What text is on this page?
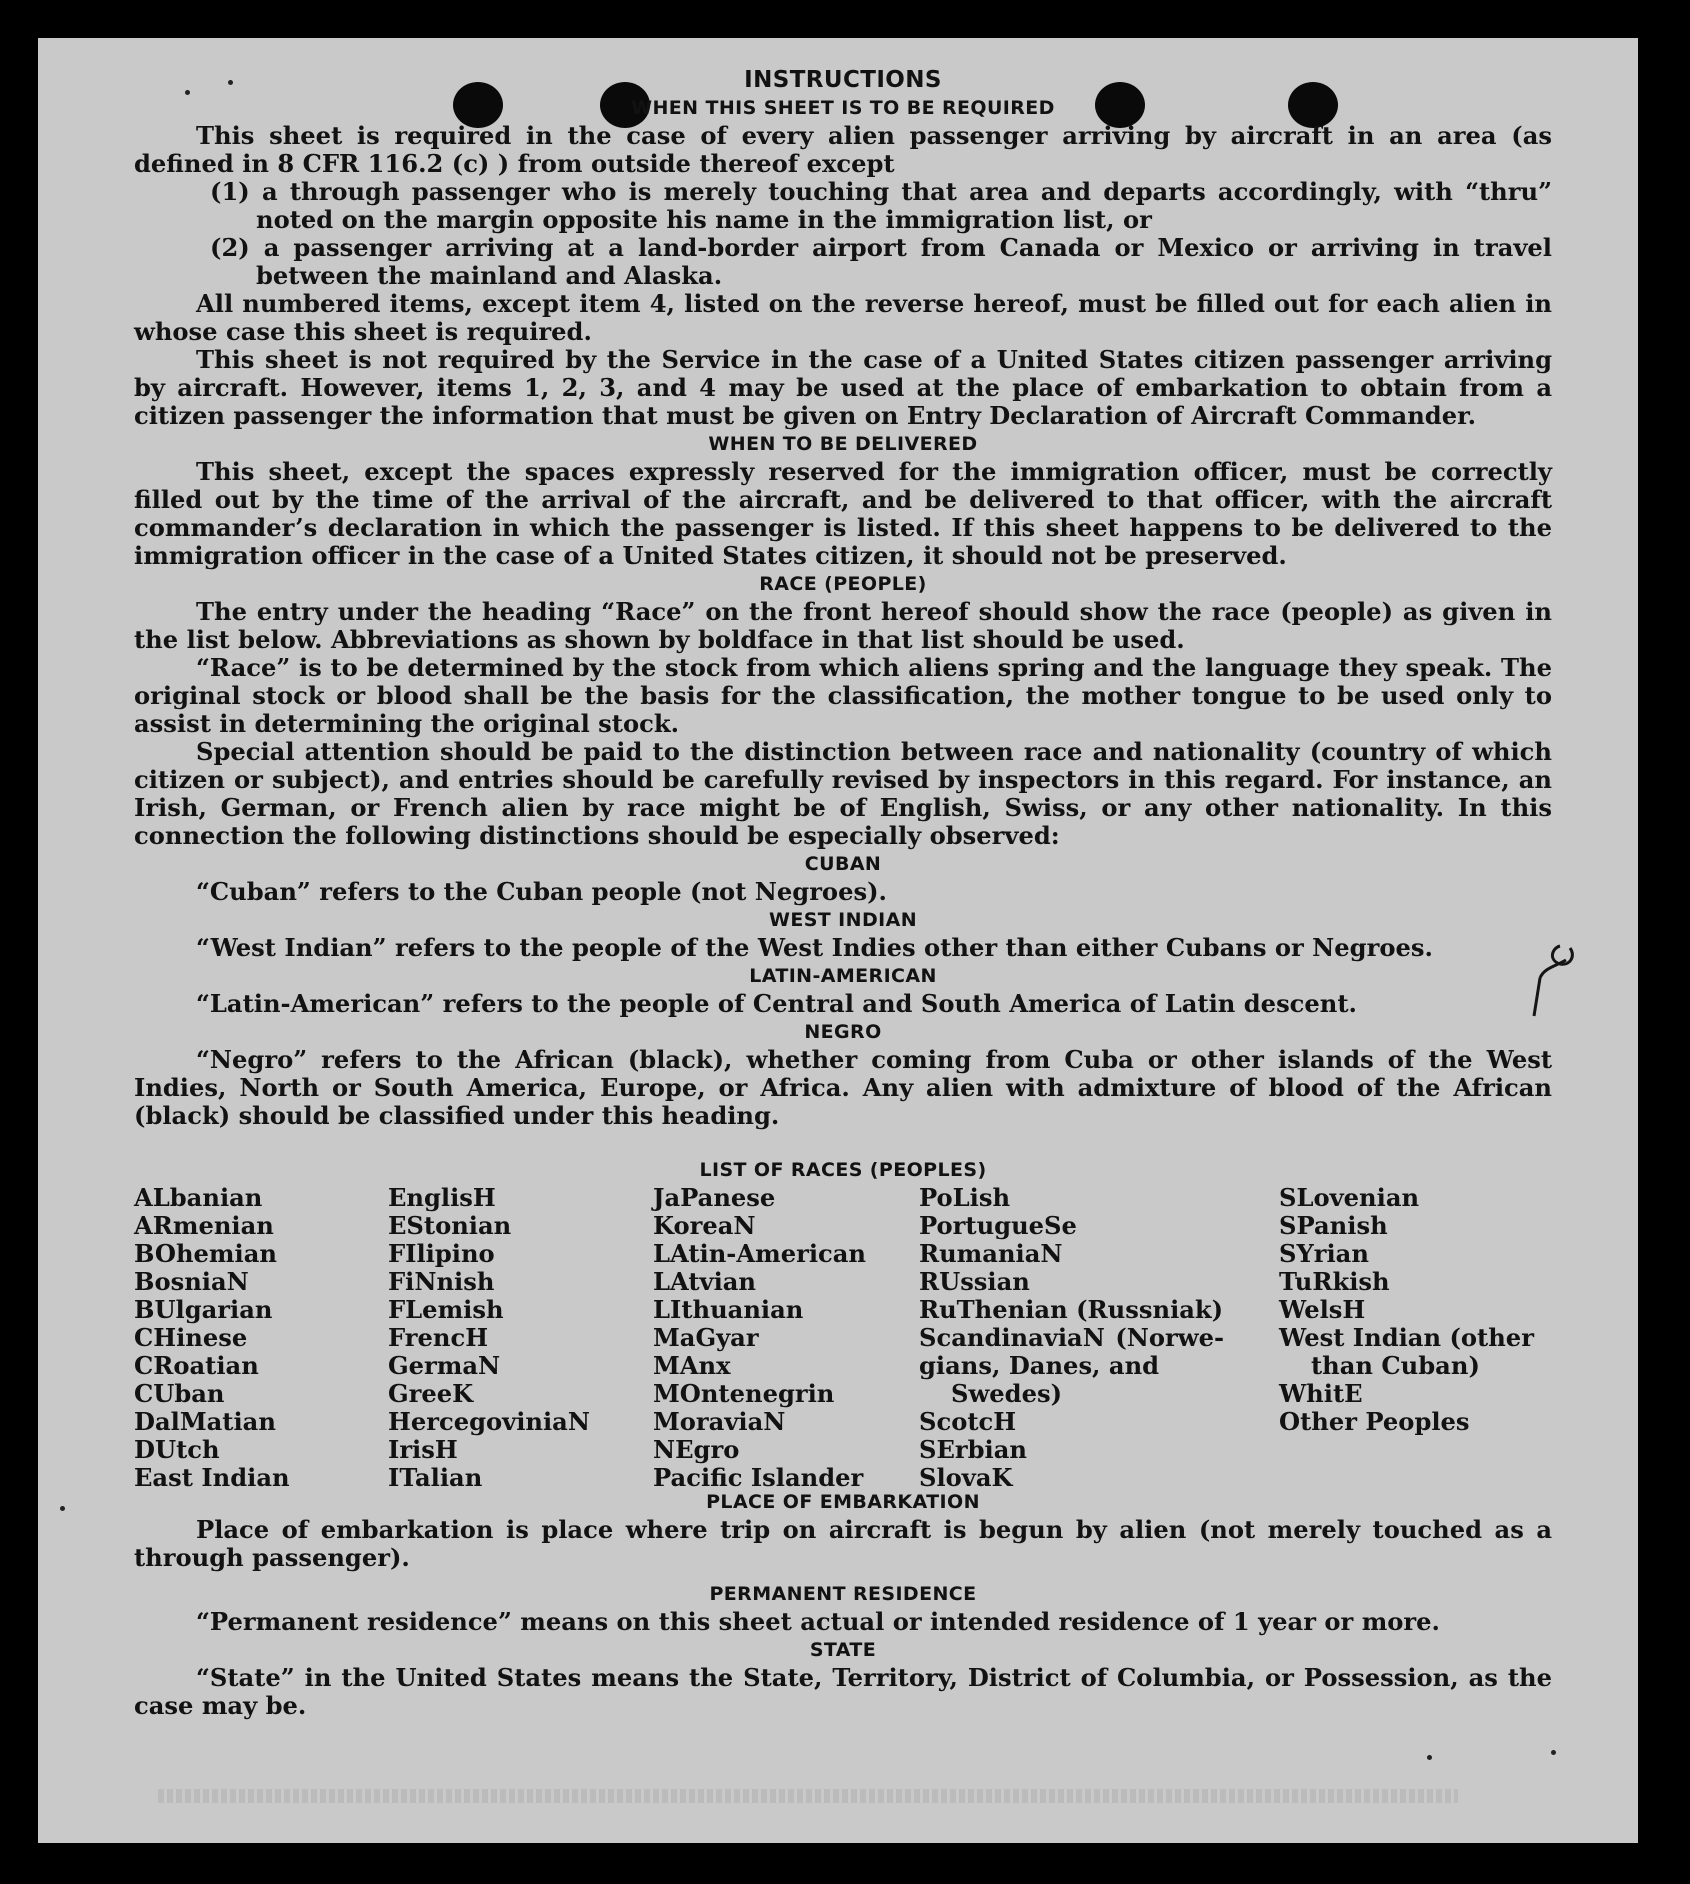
INSTRUCTIONS
WHEN THIS SHEET IS TO BE REQUIRED

This sheet is required in the case of every alien passenger arriving by aircraft in an area (as defined in 8 CFR 116.2 (c) ) from outside thereof except

(1) a through passenger who is merely touching that area and departs accordingly, with “thru” noted on the margin opposite his name in the immigration list, or

(2) a passenger arriving at a land-border airport from Canada or Mexico or arriving in travel between the mainland and Alaska.

All numbered items, except item 4, listed on the reverse hereof, must be filled out for each alien in whose case this sheet is required.

This sheet is not required by the Service in the case of a United States citizen passenger arriving by aircraft. However, items 1, 2, 3, and 4 may be used at the place of embarkation to obtain from a citizen passenger the information that must be given on Entry Declaration of Aircraft Commander.

WHEN TO BE DELIVERED

This sheet, except the spaces expressly reserved for the immigration officer, must be correctly filled out by the time of the arrival of the aircraft, and be delivered to that officer, with the aircraft commander’s declaration in which the passenger is listed. If this sheet happens to be delivered to the immigration officer in the case of a United States citizen, it should not be preserved.

RACE (PEOPLE)

The entry under the heading “Race” on the front hereof should show the race (people) as given in the list below. Abbreviations as shown by boldface in that list should be used.

“Race” is to be determined by the stock from which aliens spring and the language they speak. The original stock or blood shall be the basis for the classification, the mother tongue to be used only to assist in determining the original stock.

Special attention should be paid to the distinction between race and nationality (country of which citizen or subject), and entries should be carefully revised by inspectors in this regard. For instance, an Irish, German, or French alien by race might be of English, Swiss, or any other nationality. In this connection the following distinctions should be especially observed:

CUBAN

“Cuban” refers to the Cuban people (not Negroes).

WEST INDIAN

“West Indian” refers to the people of the West Indies other than either Cubans or Negroes.

LATIN-AMERICAN

“Latin-American” refers to the people of Central and South America of Latin descent.

NEGRO

“Negro” refers to the African (black), whether coming from Cuba or other islands of the West Indies, North or South America, Europe, or Africa. Any alien with admixture of blood of the African (black) should be classified under this heading.

LIST OF RACES (PEOPLES)
ALbanian
ARmenian
BOhemian
BosniaN
BUlgarian
CHinese
CRoatian
CUban
DalMatian
DUtch
East Indian
EnglisH
EStonian
FIlipino
FiNnish
FLemish
FrencH
GermaN
GreeK
HercegoviniaN
IrisH
ITalian
JaPanese
KoreaN
LAtin-American
LAtvian
LIthuanian
MaGyar
MAnx
MOntenegrin
MoraviaN
NEgro
Pacific Islander
PoLish
PortugueSe
RumaniaN
RUssian
RuThenian (Russniak)
ScandinaviaN (Norwe- gians, Danes, and
Swedes)
ScotcH
SErbian
SlovaK
SLovenian
SPanish
SYrian
TuRkish
WelsH
West Indian (other
than Cuban)
WhitE
Other Peoples
PLACE OF EMBARKATION

Place of embarkation is place where trip on aircraft is begun by alien (not merely touched as a through passenger).

PERMANENT RESIDENCE

“Permanent residence” means on this sheet actual or intended residence of 1 year or more.

STATE

“State” in the United States means the State, Territory, District of Columbia, or Possession, as the case may be.
